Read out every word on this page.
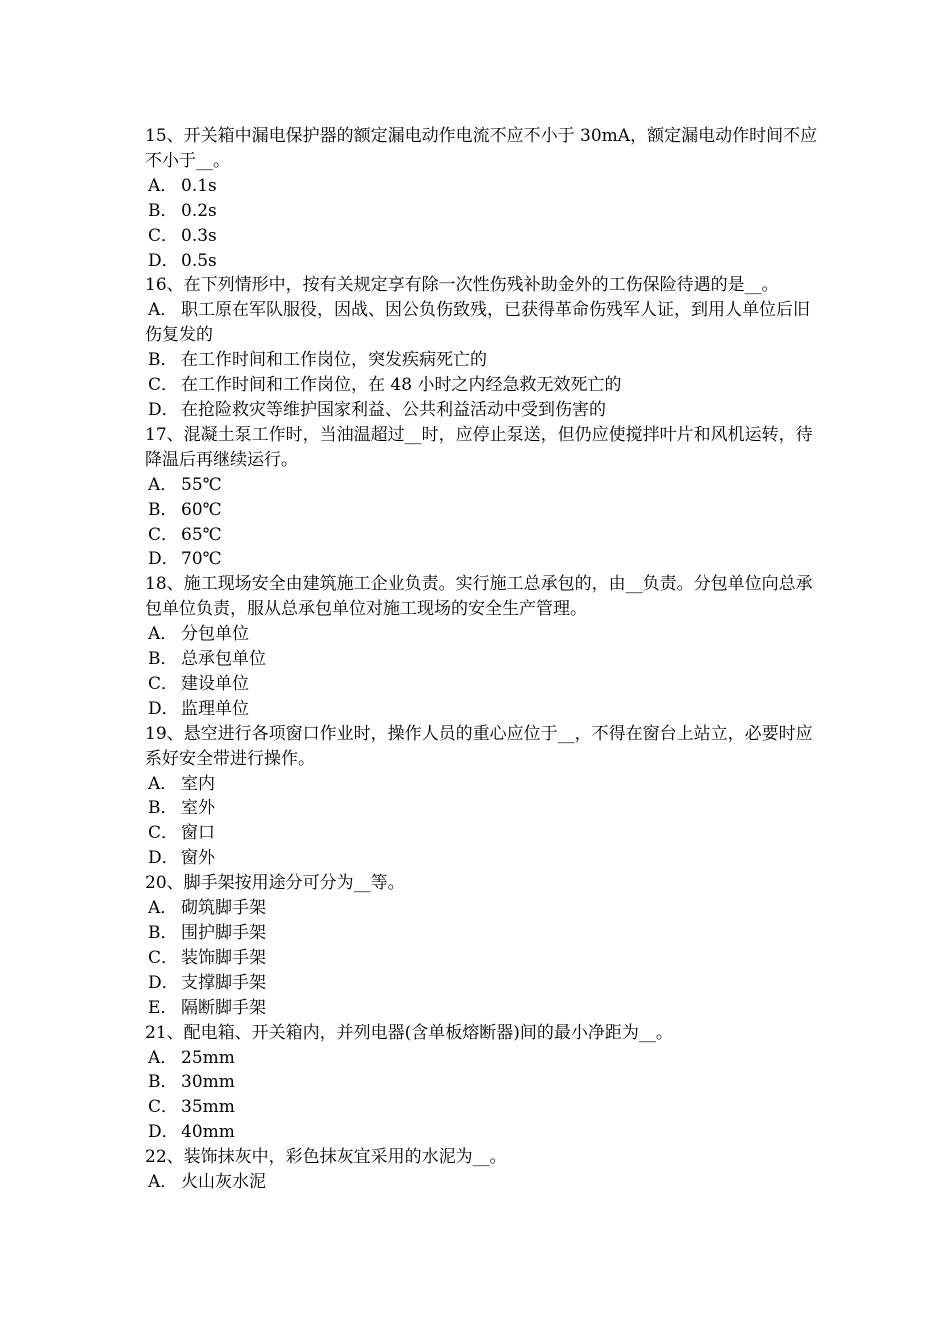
15、开关箱中漏电保护器的额定漏电动作电流不应不小于 30mA，额定漏电动作时间不应不小于__。
A． 0.1s
B． 0.2s
C． 0.3s
D． 0.5s
16、在下列情形中，按有关规定享有除一次性伤残补助金外的工伤保险待遇的是__。
A． 职工原在军队服役，因战、因公负伤致残，已获得革命伤残军人证，到用人单位后旧伤复发的
B． 在工作时间和工作岗位，突发疾病死亡的
C． 在工作时间和工作岗位，在 48 小时之内经急救无效死亡的
D． 在抢险救灾等维护国家利益、公共利益活动中受到伤害的
17、混凝土泵工作时，当油温超过__时，应停止泵送，但仍应使搅拌叶片和风机运转，待降温后再继续运行。
A． 55℃
B． 60℃
C． 65℃
D． 70℃
18、施工现场安全由建筑施工企业负责。实行施工总承包的，由__负责。分包单位向总承包单位负责，服从总承包单位对施工现场的安全生产管理。
A． 分包单位
B． 总承包单位
C． 建设单位
D． 监理单位
19、悬空进行各项窗口作业时，操作人员的重心应位于__，不得在窗台上站立，必要时应系好安全带进行操作。
A． 室内
B． 室外
C． 窗口
D． 窗外
20、脚手架按用途分可分为__等。
A． 砌筑脚手架
B． 围护脚手架
C． 装饰脚手架
D． 支撑脚手架
E． 隔断脚手架
21、配电箱、开关箱内，并列电器(含单板熔断器)间的最小净距为__。
A． 25mm
B． 30mm
C． 35mm
D． 40mm
22、装饰抹灰中，彩色抹灰宜采用的水泥为__。
A． 火山灰水泥
